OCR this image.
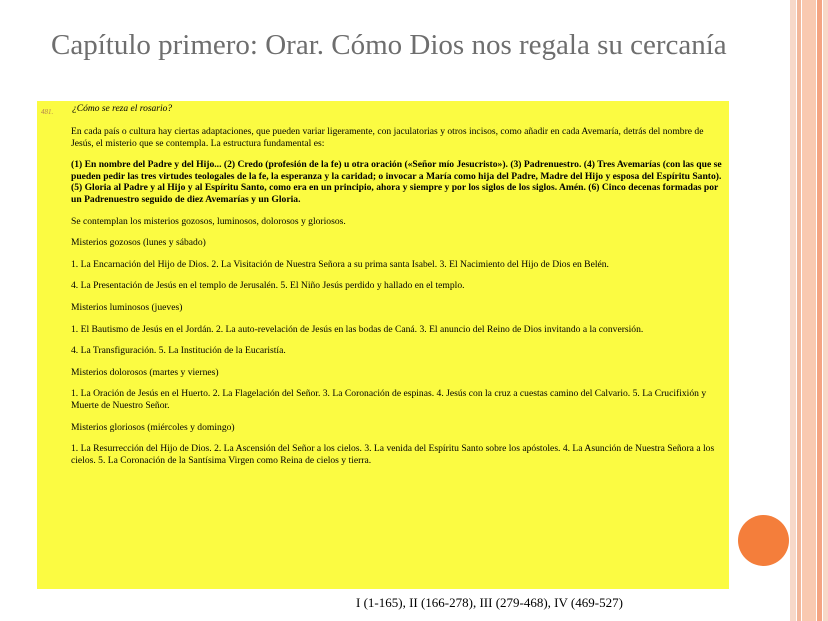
Capítulo primero: Orar. Cómo Dios nos regala su cercanía
481. ¿Cómo se reza el rosario?

En cada país o cultura hay ciertas adaptaciones, que pueden variar ligeramente, con jaculatorias y otros incisos, como añadir en cada Avemaría, detrás del nombre de Jesús, el misterio que se contempla. La estructura fundamental es:

(1) En nombre del Padre y del Hijo... (2) Credo (profesión de la fe) u otra oración («Señor mío Jesucristo»). (3) Padrenuestro. (4) Tres Avemarías (con las que se pueden pedir las tres virtudes teologales de la fe, la esperanza y la caridad; o invocar a María como hija del Padre, Madre del Hijo y esposa del Espíritu Santo). (5) Gloria al Padre y al Hijo y al Espíritu Santo, como era en un principio, ahora y siempre y por los siglos de los siglos. Amén. (6) Cinco decenas formadas por un Padrenuestro seguido de diez Avemarías y un Gloria.

Se contemplan los misterios gozosos, luminosos, dolorosos y gloriosos.

Misterios gozosos (lunes y sábado)

1. La Encarnación del Hijo de Dios. 2. La Visitación de Nuestra Señora a su prima santa Isabel. 3. El Nacimiento del Hijo de Dios en Belén.

4. La Presentación de Jesús en el templo de Jerusalén. 5. El Niño Jesús perdido y hallado en el templo.

Misterios luminosos (jueves)

1. El Bautismo de Jesús en el Jordán. 2. La auto-revelación de Jesús en las bodas de Caná. 3. El anuncio del Reino de Dios invitando a la conversión.

4. La Transfiguración. 5. La Institución de la Eucaristía.

Misterios dolorosos (martes y viernes)

1. La Oración de Jesús en el Huerto. 2. La Flagelación del Señor. 3. La Coronación de espinas. 4. Jesús con la cruz a cuestas camino del Calvario. 5. La Crucifixión y Muerte de Nuestro Señor.

Misterios gloriosos (miércoles y domingo)

1. La Resurrección del Hijo de Dios. 2. La Ascensión del Señor a los cielos. 3. La venida del Espíritu Santo sobre los apóstoles. 4. La Asunción de Nuestra Señora a los cielos. 5. La Coronación de la Santísima Virgen como Reina de cielos y tierra.

I (1-165), II (166-278), III (279-468), IV (469-527)
